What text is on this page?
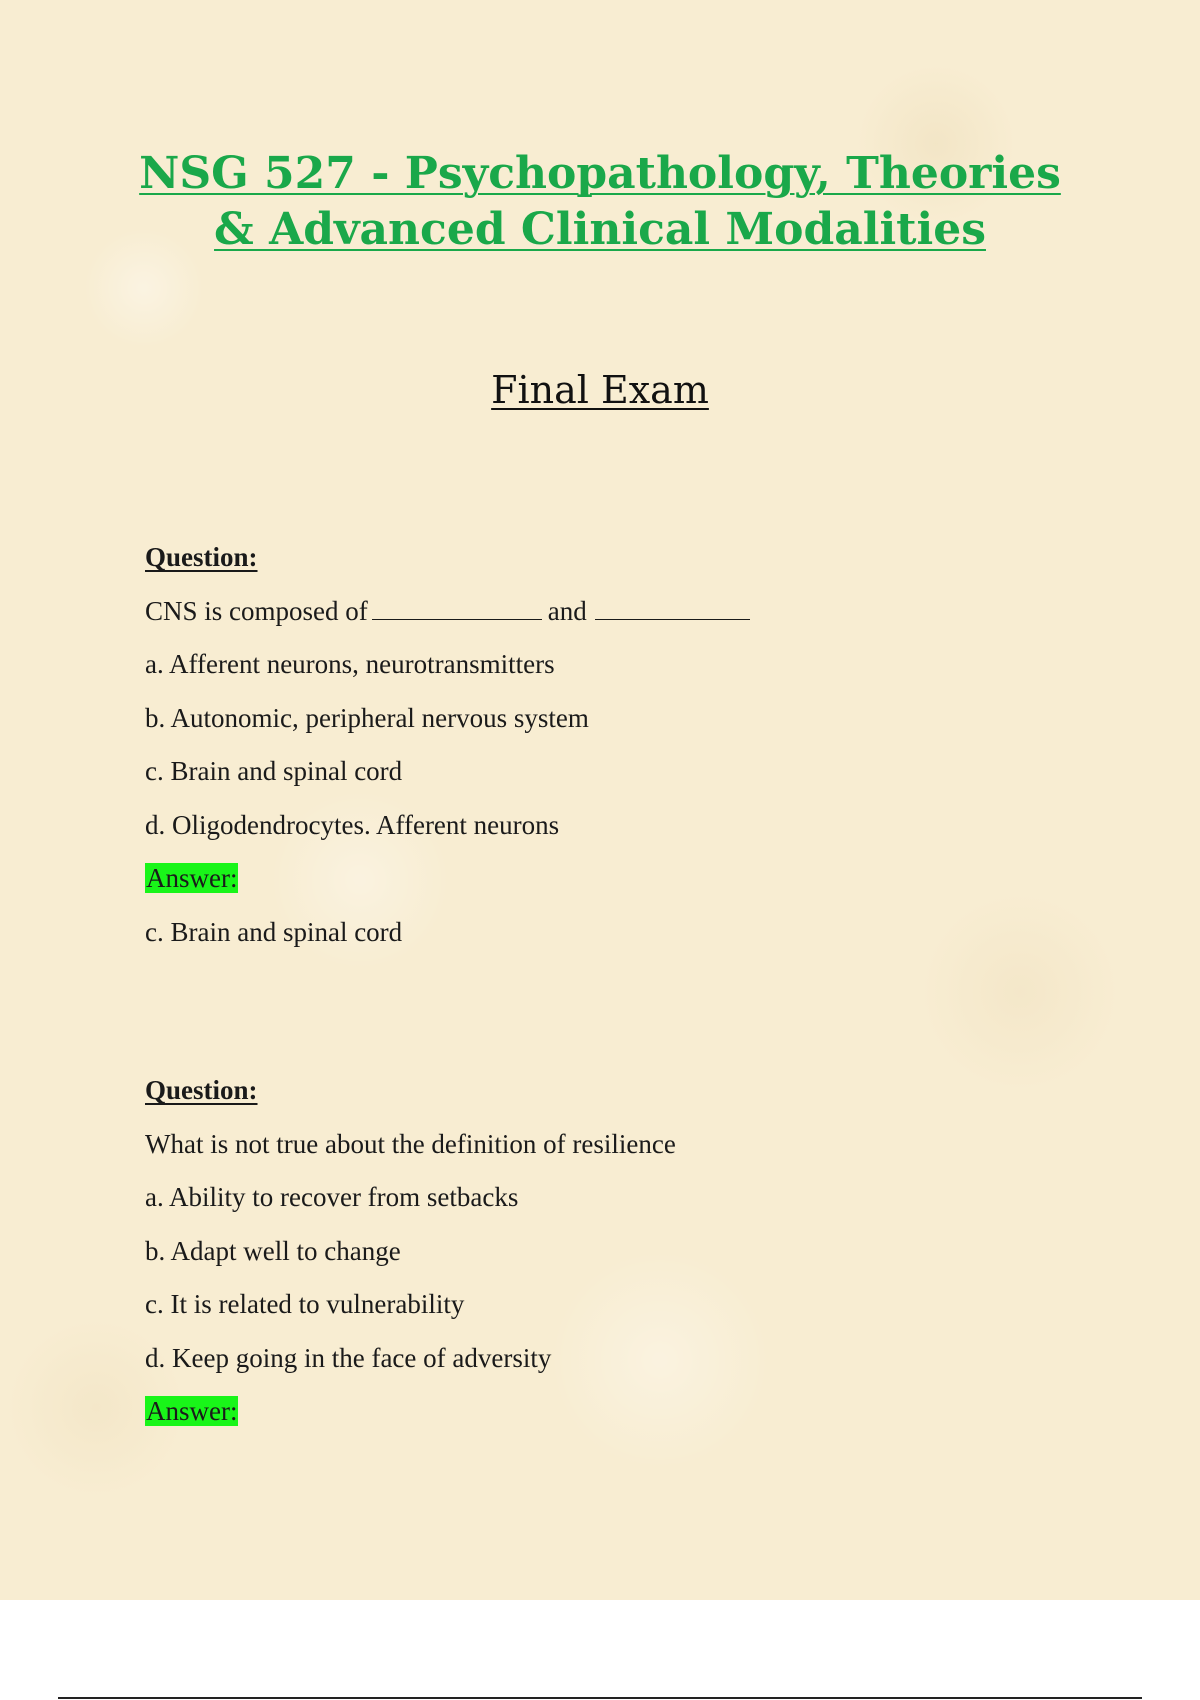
NSG 527 - Psychopathology, Theories
& Advanced Clinical Modalities
Final Exam
Question:
CNS is composed of	and
a. Afferent neurons, neurotransmitters
b. Autonomic, peripheral nervous system
c. Brain and spinal cord
d. Oligodendrocytes. Afferent neurons
Answer:
c. Brain and spinal cord
Question:
What is not true about the definition of resilience
a. Ability to recover from setbacks
b. Adapt well to change
c. It is related to vulnerability
d. Keep going in the face of adversity
Answer:
